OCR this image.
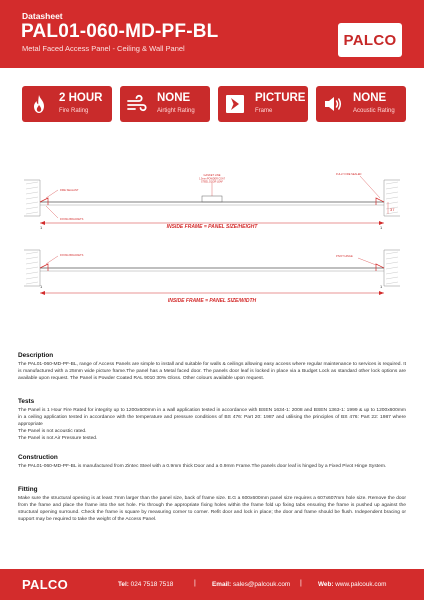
Datasheet
PAL01-060-MD-PF-BL
Metal Faced Access Panel - Ceiling & Wall Panel	PALCO
2 HOUR
Fire Rating
NONE
Airtight Rating
PICTURE
Frame
NONE
Acoustic Rating
FIRE SEALANT
FIXING BRACKETS
GASKET LINE
1.5mm POWDER COAT
STEEL DOOR LEAF
FULLY FIRE SEALED
37
1	1
INSIDE FRAME = PANEL SIZE/HEIGHT
FIXING BRACKETS	PIVOT HINGE
1	1
INSIDE FRAME = PANEL SIZE/WIDTH
Description

The PAL01-060-MD-PF-BL, range of Access Panels are simple to install and suitable for walls & ceilings allowing easy access where regular maintenance to services is required. It is manufactured with a 25mm wide picture frame.The panel has a Metal faced door. The panels door leaf is locked in place via a Budget Lock as standard other lock options are available upon request. The Panel is Powder Coated RAL 9010 30% Gloss. Other colours available upon request.

Tests

The Panel is 1 Hour Fire Rated for integrity up to 1200x600mm in a wall application tested in accordance with BSEN 1634-1: 2008 and BSEN 1363-1: 1999 & up to 1200x600mm in a ceiling application tested in accordance with the temperature and pressure conditions of BS 476: Part 20: 1987 and utilising the principles of BS 476: Part 22: 1987 where appropriate

The Panel is not acoustic rated.

The Panel is not Air Pressure tested.

Construction

The PAL01-060-MD-PF-BL is manufactured from Zintec Steel with a 0.9mm thick Door and a 0.9mm Frame.The panels door leaf is hinged by a Fixed Pivot Hinge System.

Fitting

Make sure the structural opening is at least 7mm larger than the panel size, back of frame size. E.G a 600x600mm panel size requires a 607x607mm hole size. Remove the door from the frame and place the frame into the set hole. Fix through the appropriate fixing holes within the frame fold up fixing tabs ensuring the frame is pushed up against the structural opening surround. Check the frame is square by measuring corner to corner. Refit door and lock in place; the door and frame should be flush. Independent bracing or support may be required to take the weight of the Access Panel.

PALCO	Tel: 024 7518 7518	|	Email: sales@palcouk.com |	Web: www.palcouk.com
